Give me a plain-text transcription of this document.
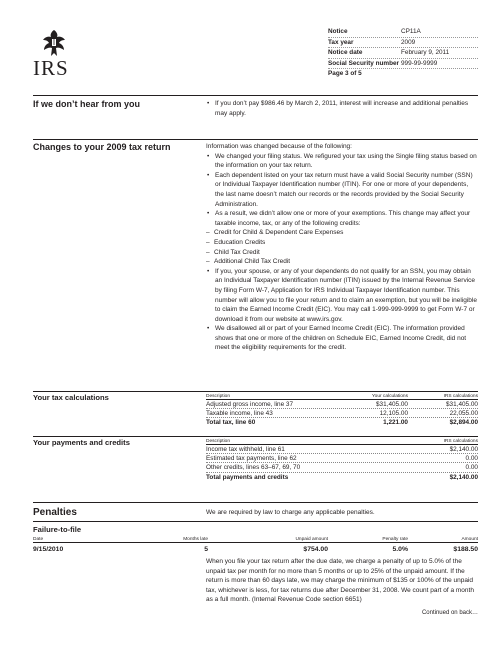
IRS
Notice	CP11A
Tax year	2009
Notice date	February 9, 2011
Social Security number 999-99-9999
Page 3 of 5
If we don’t hear from you
•	If you don’t pay $986.46 by March 2, 2011, interest will increase and additional penalties may apply.
Changes to your 2009 tax return	Information was changed because of the following:

• We changed your filing status. We refigured your tax using the Single filing status based on the information on your tax return.
• Each dependent listed on your tax return must have a valid Social Security number (SSN) or Individual Taxpayer Identification number (ITIN). For one or more of your dependents, the last name doesn’t match our records or the records provided by the Social Security Administration.
• As a result, we didn’t allow one or more of your exemptions. This change may affect your taxable income, tax, or any of the following credits:
– Credit for Child & Dependent Care Expenses
– Education Credits
– Child Tax Credit
– Additional Child Tax Credit
• If you, your spouse, or any of your dependents do not qualify for an SSN, you may obtain an Individual Taxpayer Identification number (ITIN) issued by the Internal Revenue Service by filing Form W-7, Application for IRS Individual Taxpayer Identification number. This number will allow you to file your return and to claim an exemption, but you will be ineligible to claim the Earned Income Credit (EIC). You may call 1-999-999-9999 to get Form W-7 or download it from our website at www.irs.gov.
• We disallowed all or part of your Earned Income Credit (EIC). The information provided shows that one or more of the children on Schedule EIC, Earned Income Credit, did not meet the eligibility requirements for the credit.
Your tax calculations	Description	Your calculations	IRS calculations
Adjusted gross income, line 37	$31,405.00	$31,405.00
Taxable income, line 43	12,105.00	22,055.00
Total tax, line 60	1,221.00	$2,894.00
Your payments and credits	Description	IRS calculations
Income tax withheld, line 61	$2,140.00
Estimated tax payments, line 62	0.00
Other credits, lines 63–67, 69, 70	0.00
Total payments and credits	$2,140.00
Penalties	We are required by law to charge any applicable penalties.
Failure-to-file
Date	Months late	Unpaid amount	Penalty rate	Amount
9/15/2010	5	$754.00	5.0%	$188.50
When you file your tax return after the due date, we charge a penalty of up to 5.0% of the unpaid tax per month for no more than 5 months or up to 25% of the unpaid amount. If the return is more than 60 days late, we may charge the minimum of $135 or 100% of the unpaid tax, whichever is less, for tax returns due after December 31, 2008. We count part of a month as a full month. (Internal Revenue Code section 6651)
Continued on back…
